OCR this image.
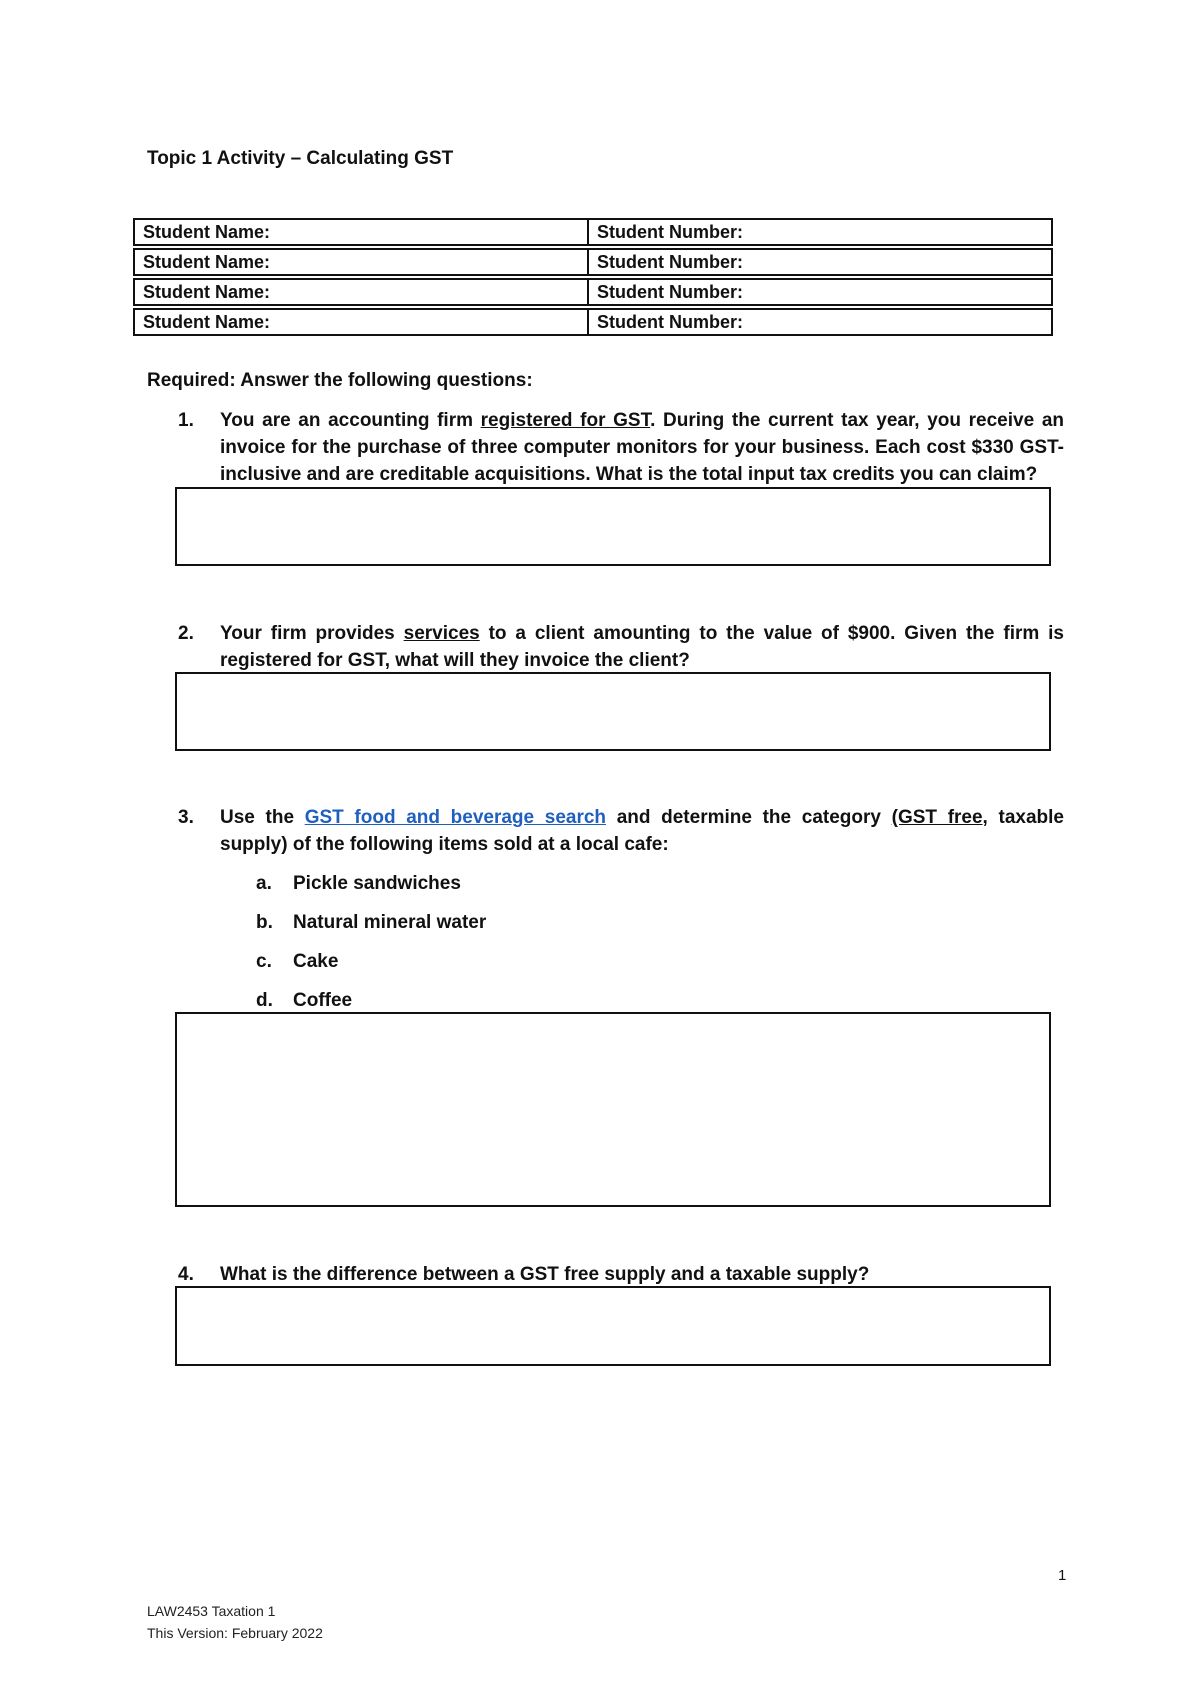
Topic 1 Activity – Calculating GST
Student Name:	Student Number:
Student Name:	Student Number:
Student Name:	Student Number:
Student Name:	Student Number:

Required: Answer the following questions:

1.	You are an accounting firm registered for GST. During the current tax year, you receive an invoice for the purchase of three computer monitors for your business. Each cost $330 GST-inclusive and are creditable acquisitions. What is the total input tax credits you can claim?
2.	Your firm provides services to a client amounting to the value of $900. Given the firm is registered for GST, what will they invoice the client?
3.	Use the GST food and beverage search and determine the category (GST free, taxable supply) of the following items sold at a local cafe:
a. Pickle sandwiches
b. Natural mineral water
c. Cake
d. Coffee
4.	What is the difference between a GST free supply and a taxable supply?
1
LAW2453 Taxation 1
This Version: February 2022
